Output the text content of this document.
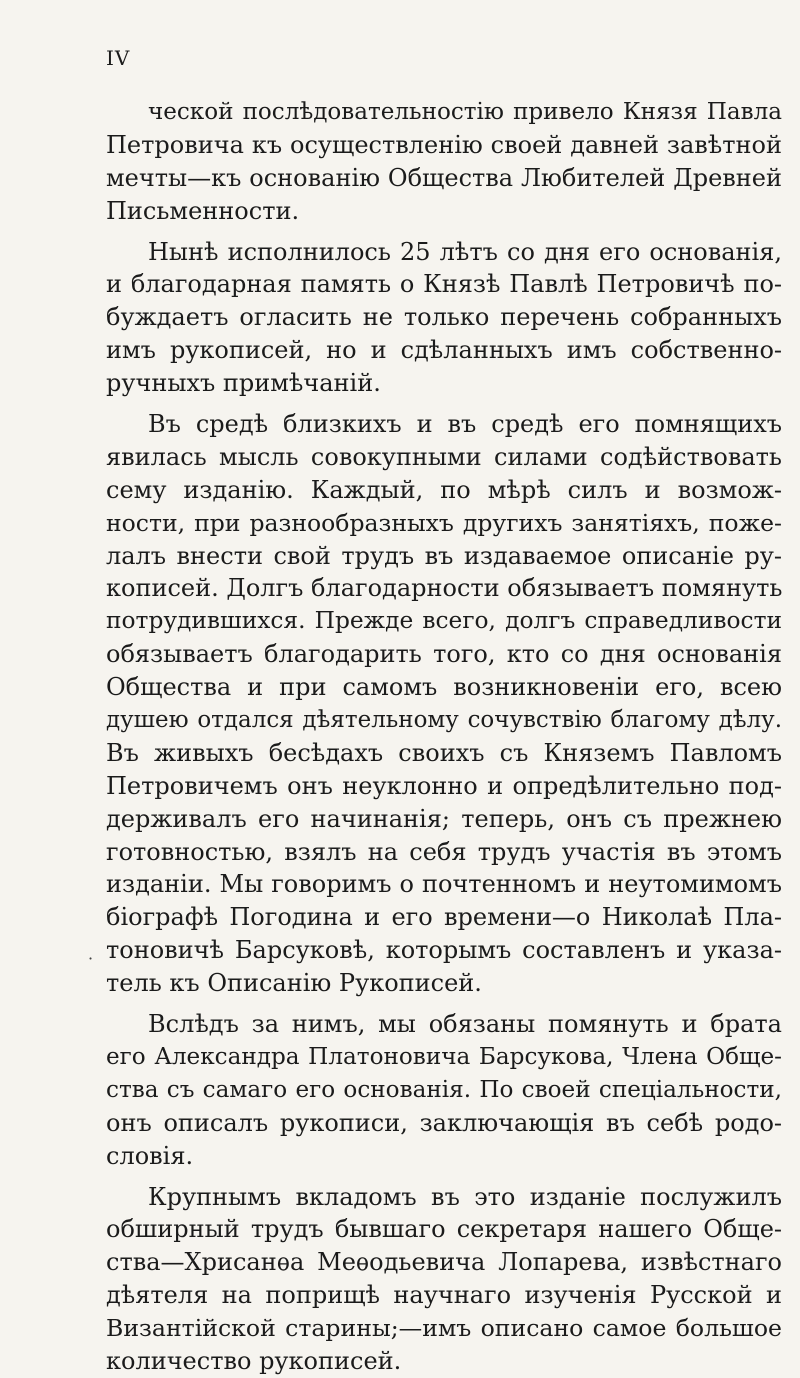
IV
·
ческой послѣдовательностію привело Князя Павла
Петровича къ осуществленію своей давней завѣтной
мечты—къ основанію Общества Любителей Древней
Письменности.
Нынѣ исполнилось 25 лѣтъ со дня его основанія,
и благодарная память о Князѣ Павлѣ Петровичѣ по-
буждаетъ огласить не только перечень собранныхъ
имъ рукописей, но и сдѣланныхъ имъ собственно-
ручныхъ примѣчаній.
Въ средѣ близкихъ и въ средѣ его помнящихъ
явилась мысль совокупными силами содѣйствовать
сему изданію. Каждый, по мѣрѣ силъ и возмож-
ности, при разнообразныхъ другихъ занятіяхъ, поже-
лалъ внести свой трудъ въ издаваемое описаніе ру-
кописей. Долгъ благодарности обязываетъ помянуть
потрудившихся. Прежде всего, долгъ справедливости
обязываетъ благодарить того, кто со дня основанія
Общества и при самомъ возникновеніи его, всею
душею отдался дѣятельному сочувствію благому дѣлу.
Въ живыхъ бесѣдахъ своихъ съ Княземъ Павломъ
Петровичемъ онъ неуклонно и опредѣлительно под-
держивалъ его начинанія; теперь, онъ съ прежнею
готовностью, взялъ на себя трудъ участія въ этомъ
изданіи. Мы говоримъ о почтенномъ и неутомимомъ
біографѣ Погодина и его времени—о Николаѣ Пла-
тоновичѣ Барсуковѣ, которымъ составленъ и указа-
тель къ Описанію Рукописей.
Вслѣдъ за нимъ, мы обязаны помянуть и брата
его Александра Платоновича Барсукова, Члена Обще-
ства съ самаго его основанія. По своей спеціальности,
онъ описалъ рукописи, заключающія въ себѣ родо-
словія.
Крупнымъ вкладомъ въ это изданіе послужилъ
обширный трудъ бывшаго секретаря нашего Обще-
ства—Хрисанѳа Меѳодьевича Лопарева, извѣстнаго
дѣятеля на поприщѣ научнаго изученія Русской и
Византійской старины;—имъ описано самое большое
количество рукописей.
